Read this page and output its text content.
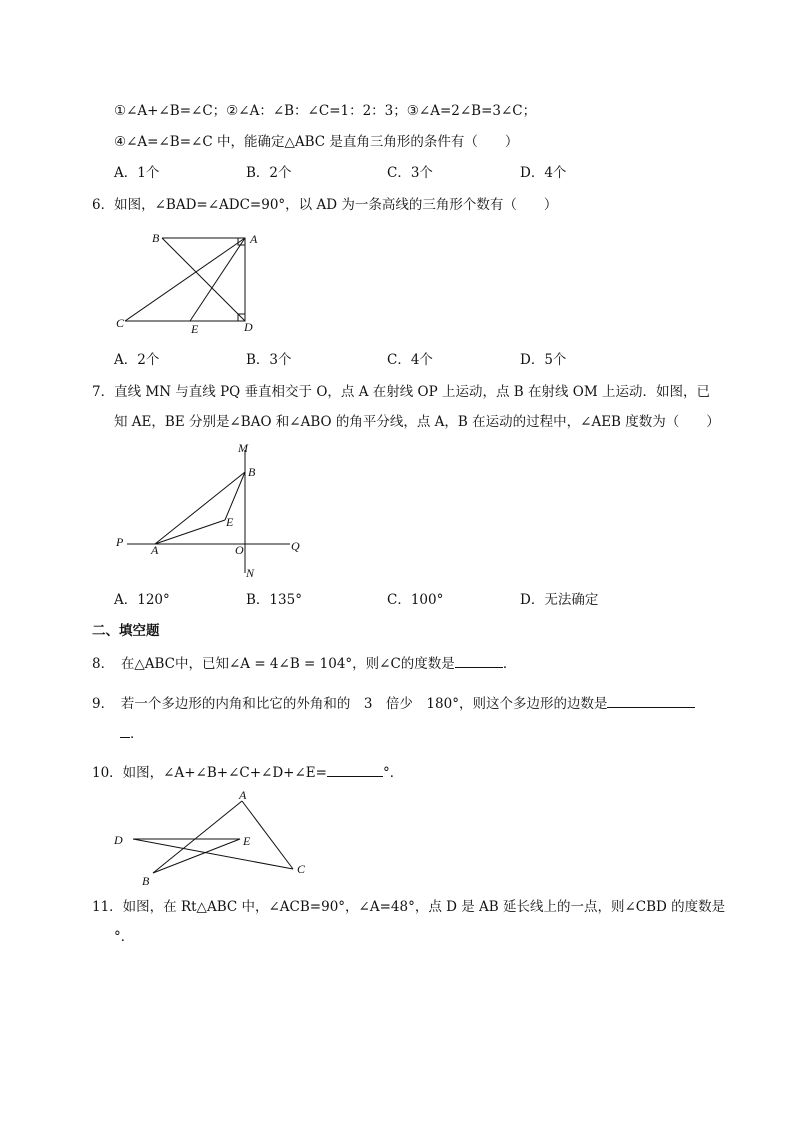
①∠A+∠B=∠C；②∠A：∠B：∠C=1：2：3；③∠A=2∠B=3∠C；
④∠A=∠B=∠C 中，能确定△ABC 是直角三角形的条件有（　　）
A．1个	B．2个	C．3个	D．4个
6．如图，∠BAD=∠ADC=90°，以 AD 为一条高线的三角形个数有（　　）
B	A
C	E	D
A．2个	B．3个	C．4个	D．5个
7．直线 MN 与直线 PQ 垂直相交于 O，点 A 在射线 OP 上运动，点 B 在射线 OM 上运动．如图，已
知 AE，BE 分别是∠BAO 和∠ABO 的角平分线，点 A，B 在运动的过程中，∠AEB 度数为（　　）
M
B
E
P
A	O	Q
N
A．120°	B．135°	C．100°	D．无法确定
二、填空题
8．　在△ABC中，已知∠A = 4∠B = 104°，则∠C的度数是	．
9．　若一个多边形的内角和比它的外角和的　3　倍少　180°，则这个多边形的边数是
．
10．如图，∠A+∠B+∠C+∠D+∠E=	°．
A
D	E
C
B
11．如图，在 Rt△ABC 中，∠ACB=90°，∠A=48°，点 D 是 AB 延长线上的一点，则∠CBD 的度数是
°．
